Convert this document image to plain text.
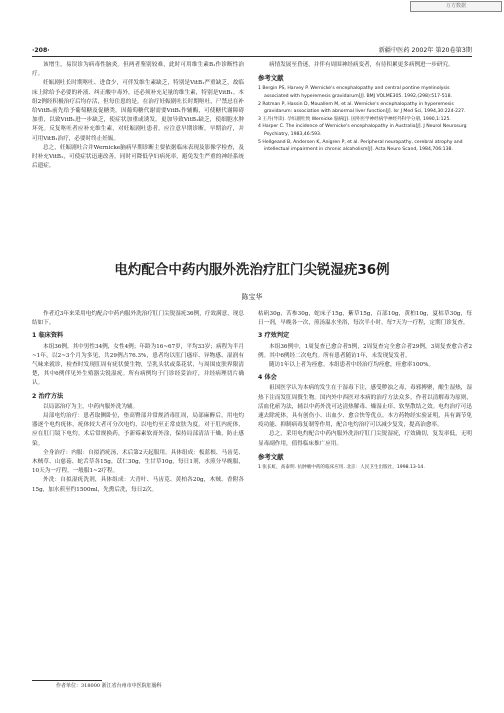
万方数据
·208·	新疆中医药 2002年 第20卷第3期

该增生，易误诊为病毒性脑炎。但两者鉴别较难，此时可用维生素B₁作诊断性治疗。

妊娠剧吐长时期呕吐、进食少，可伴发维生素缺乏，特别是VitB₁严重缺乏，故临床上除给予必要的补液、纠正酸中毒外，还必须补充足量的维生素，特别是VitB₁。本组2例经积极治疗后均存活，但每住患的是，在治疗妊娠剧吐长时期呕吐，尸禁忌在补给VitB₁前先给予葡萄糖及促糖类。因葡萄糖代谢需要VitB₁作辅酶，可使糖代谢障碍加重，以致VitB₁进一步缺乏，使症状加重或诱发。更加导致VitB₁缺乏，使细胞水肿坏死。反复呕吐者应补充维生素，对妊娠剧吐患者，应注意早期诊断，早期治疗，并可用VitB₁治疗，必要时终止妊娠。

总之，妊娠剧吐合并Wernicke脑病早期诊断主要依据临床表现及影像学检查，及时补充VitB₁，可使症状迅速改善，同时可降低孕妇病死率，避免发生严重的神经系统后遗症。

病情发展至昏迷，并伴有周围神经病变者，有待积累更多病例进一步研究。

参考文献
1 Bergin PS, Harvey P. Wernicke's encephalopathy and central pontine myelinolysis associated with hyperemesis gravidarum[J]. BMJ VOLME305. 1992,(298):517-518.
2 Rotman P, Hassin D, Mouallem M, et al. Wernicke's encephalopathy in hyperemesis gravidarum: association with abnormal liver function[J]. Isr J Med Sci, 1994,30:224-227.
3 王丹(导读). 孕妇剧吐致 Wernicke 脑病[J]. 国外医学神经病学神经外科学分册, 1990,1:125.
4 Harper C. The incidence of Wernicke's encephalopathy in Australia[J]. J Neurol Neurosurg Psychiatry, 1983,46:593.
5 Hellgeand B, Andersen K, Anigren P, et al. Peripheral neuropathy, cerebral atrophy and intellectual impairment in chronic alcoholism[J]. Acta Neuro Scand, 1984,706:138.
电灼配合中药内服外洗治疗肛门尖锐湿疣36例
陈宝华

作者近3年来采用电灼配合中药内服外洗治疗肛门尖锐湿疣36例，疗效满意，现总结如下。

1 临床资料

本组36例，其中男性34例，女性4例；年龄为16~67岁，平均33岁；病程为半月~1年，以2~3个月为多见，共29例占76.3%，患者均以肛门瘙痒、异物感、湿润有气味来就诊，检查时发现肛周有疣状赘生物，呈乳头状或菜花状，与周围皮肤界限清楚，其中6例伴见外生殖器尖锐湿疣。所有病例均于门诊经妥治疗，并经病理切片确认。

2 治疗方法

以局部治疗为主，中药内服外洗为辅。

局部电灼治疗：患者取侧卧位，垫高臀部并常规消毒肛周，局部麻醉后，用电灼器逐个电灼疣体，疣体较大者可分次电灼，以电灼至正常皮肤为度。对于肛内疣体，应在肛门镜下电灼。术后常规换药，予新霉素软膏外涂，保持局部清洁干燥，防止感染。

全身治疗：内服：自拟消疣汤，术后第2天起服用。具体组成：板蓝根、马齿苋、木贼草、山慈菇、蛇舌草各15g，苡仁30g，生甘草10g，每日1剂，水煎分早晚服，10天为一疗程，一般服1~2疗程。

外洗：自拟湿疣洗剂，具体组成：大青叶、马齿苋、黄柏各20g，木贼、香附各15g，加水煎至约1500ml，先熏后洗，每日2次。

枯矾30g，苦参30g，蛇床子15g，紫草15g，百部10g，黄柏10g，夏枯草30g，每日一剂，早晚各一次，煎汤温水坐浴，每次半小时，每7天为一疗程，定期门诊复查。

3 疗效判定

本组36例中，1周复查已愈合者5例，2周复查完全愈合者29例，3周复查愈合者2例。其中6例经二次电灼。所有患者随访1年，未发现复发者。

随访1年以上者为痊愈。本组患者中经治疗均痊愈，痊愈率100%。

4 体会

祖国医学认为本病的发生在于湿毒下注，感受秽浊之毒，毒邪搏聚，酿生湿热，湿热下注而发肛周赘生物。国内外中西医对本病的治疗方法众多，作者以清解毒为原则，活血化瘀为法，辅以中药外洗可达清热解毒、燥湿止痒、软坚散结之效。电灼治疗可迅速去除疣体，具有创伤小、出血少、愈合快等优点。本方药物经实验证明，具有调节免疫功能、抑制病毒复制等作用，配合电灼治疗可以减少复发，提高治愈率。

总之，采用电灼配合中药内服外洗治疗肛门尖锐湿疣，疗效确切，复发率低，无明显毒副作用，值得临床推广应用。

参考文献
1 张长虹，高泰明. 抗肿瘤中药的临床应用. 北京：人民卫生出版社，1998.13-14.
作者单位：318000 浙江省台州市中医院肛肠科
